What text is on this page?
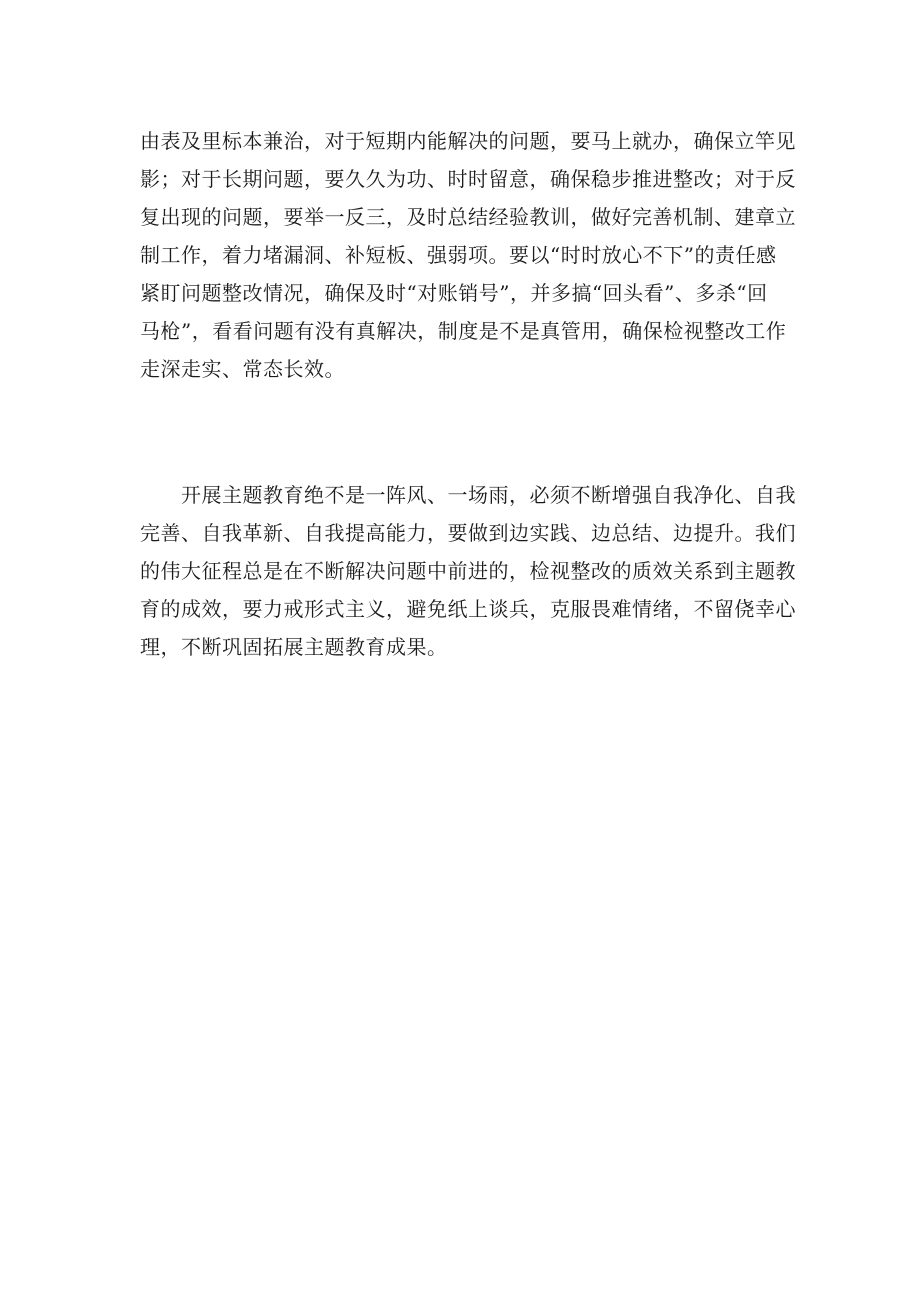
由表及里标本兼治，对于短期内能解决的问题，要马上就办，确保立竿见
影；对于长期问题，要久久为功、时时留意，确保稳步推进整改；对于反
复出现的问题，要举一反三，及时总结经验教训，做好完善机制、建章立
制工作，着力堵漏洞、补短板、强弱项。要以“时时放心不下”的责任感
紧盯问题整改情况，确保及时“对账销号”，并多搞“回头看”、多杀“回
马枪”，看看问题有没有真解决，制度是不是真管用，确保检视整改工作
走深走实、常态长效。
　　开展主题教育绝不是一阵风、一场雨，必须不断增强自我净化、自我
完善、自我革新、自我提高能力，要做到边实践、边总结、边提升。我们
的伟大征程总是在不断解决问题中前进的，检视整改的质效关系到主题教
育的成效，要力戒形式主义，避免纸上谈兵，克服畏难情绪，不留侥幸心
理，不断巩固拓展主题教育成果。
